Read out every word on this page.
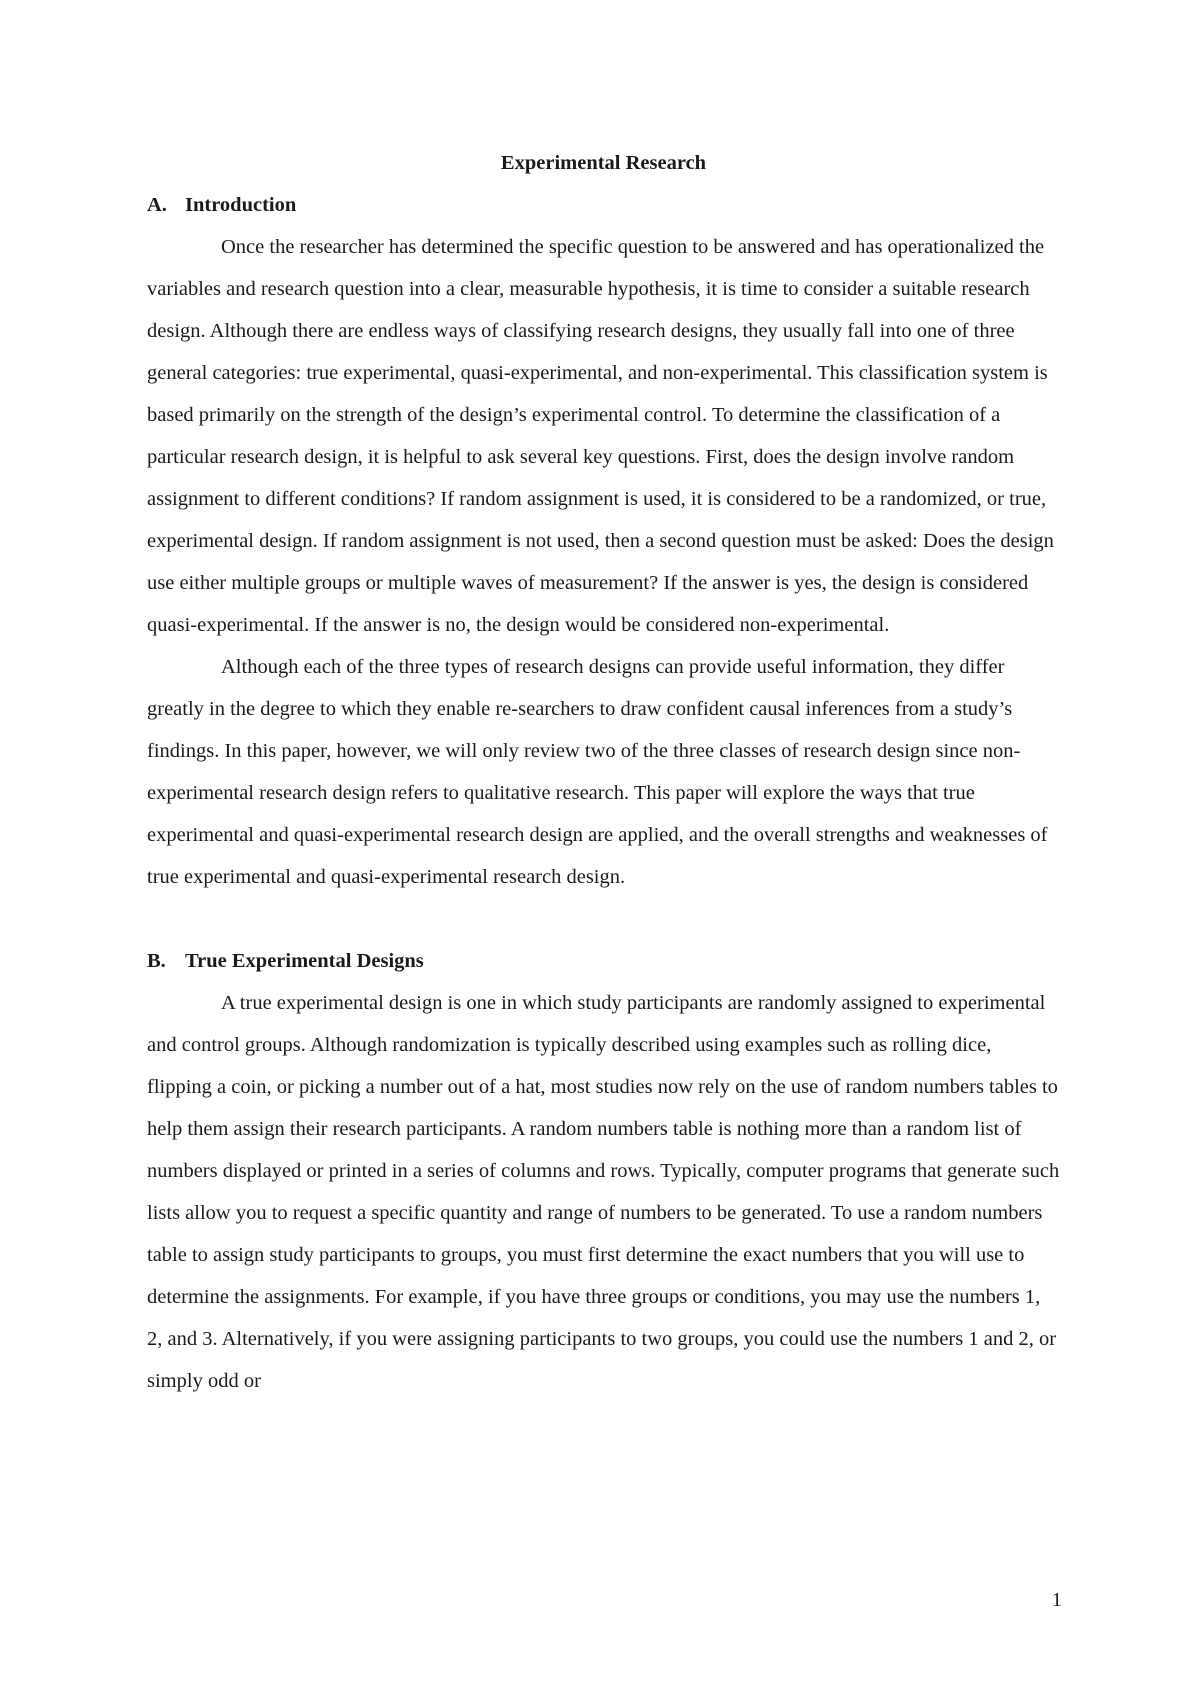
Experimental Research
A. Introduction

Once the researcher has determined the specific question to be answered and has operationalized the variables and research question into a clear, measurable hypothesis, it is time to consider a suitable research design. Although there are endless ways of classifying research designs, they usually fall into one of three general categories: true experimental, quasi-experimental, and non-experimental. This classification system is based primarily on the strength of the design’s experimental control. To determine the classification of a particular research design, it is helpful to ask several key questions. First, does the design involve random assignment to different conditions? If random assignment is used, it is considered to be a randomized, or true, experimental design. If random assignment is not used, then a second question must be asked: Does the design use either multiple groups or multiple waves of measurement? If the answer is yes, the design is considered quasi-experimental. If the answer is no, the design would be considered non-experimental.

Although each of the three types of research designs can provide useful information, they differ greatly in the degree to which they enable re-searchers to draw confident causal inferences from a study’s findings. In this paper, however, we will only review two of the three classes of research design since non-experimental research design refers to qualitative research. This paper will explore the ways that true experimental and quasi-experimental research design are applied, and the overall strengths and weaknesses of true experimental and quasi-experimental research design.

B. True Experimental Designs

A true experimental design is one in which study participants are randomly assigned to experimental and control groups. Although randomization is typically described using examples such as rolling dice, flipping a coin, or picking a number out of a hat, most studies now rely on the use of random numbers tables to help them assign their research participants. A random numbers table is nothing more than a random list of numbers displayed or printed in a series of columns and rows. Typically, computer programs that generate such lists allow you to request a specific quantity and range of numbers to be generated. To use a random numbers table to assign study participants to groups, you must first determine the exact numbers that you will use to determine the assignments. For example, if you have three groups or conditions, you may use the numbers 1, 2, and 3. Alternatively, if you were assigning participants to two groups, you could use the numbers 1 and 2, or simply odd or

1
